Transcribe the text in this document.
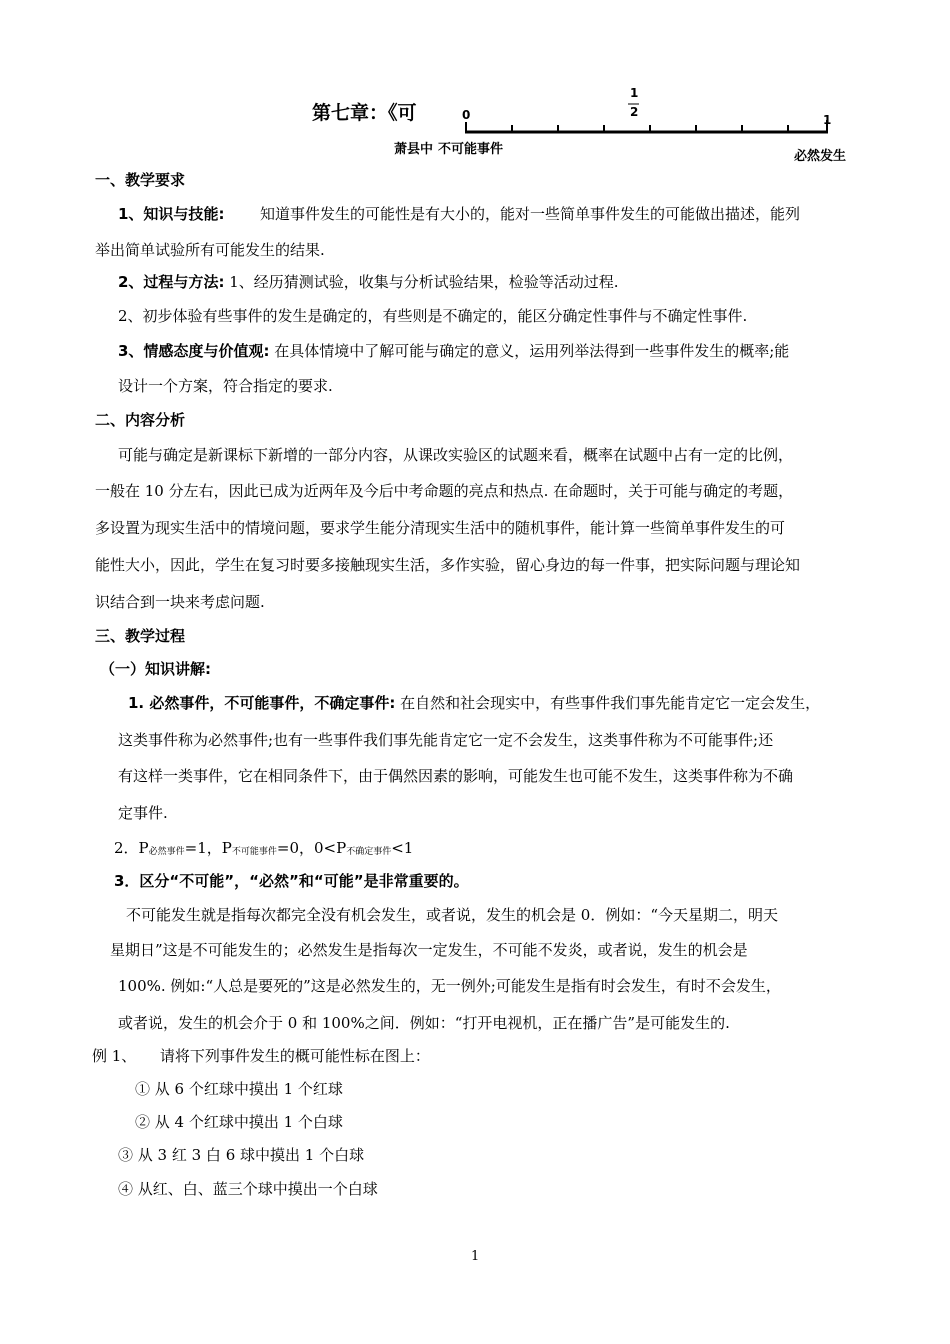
第七章：《可	0
1
2
1
萧县中 不可能事件	必然发生
一、教学要求
1、知识与技能: 知道事件发生的可能性是有大小的，能对一些简单事件发生的可能做出描述，能列
举出简单试验所有可能发生的结果.
2、过程与方法: 1、经历猜测试验，收集与分析试验结果，检验等活动过程.
2、初步体验有些事件的发生是确定的，有些则是不确定的，能区分确定性事件与不确定性事件.
3、情感态度与价值观: 在具体情境中了解可能与确定的意义，运用列举法得到一些事件发生的概率;能
设计一个方案，符合指定的要求.
二、内容分析
可能与确定是新课标下新增的一部分内容，从课改实验区的试题来看，概率在试题中占有一定的比例，
一般在 10 分左右，因此已成为近两年及今后中考命题的亮点和热点. 在命题时，关于可能与确定的考题，
多设置为现实生活中的情境问题，要求学生能分清现实生活中的随机事件，能计算一些简单事件发生的可
能性大小，因此，学生在复习时要多接触现实生活，多作实验，留心身边的每一件事，把实际问题与理论知
识结合到一块来考虑问题.
三、教学过程
（一）知识讲解:
1. 必然事件，不可能事件，不确定事件: 在自然和社会现实中，有些事件我们事先能肯定它一定会发生，
这类事件称为必然事件;也有一些事件我们事先能肯定它一定不会发生，这类事件称为不可能事件;还
有这样一类事件，它在相同条件下，由于偶然因素的影响，可能发生也可能不发生，这类事件称为不确
定事件.
2．P必然事件=1，P不可能事件=0，0<P不确定事件<1
3．区分“不可能”，“必然”和“可能”是非常重要的。
不可能发生就是指每次都完全没有机会发生，或者说，发生的机会是 0．例如：“今天星期二，明天
星期日”这是不可能发生的；必然发生是指每次一定发生，不可能不发炎，或者说，发生的机会是
100%. 例如:“人总是要死的”这是必然发生的，无一例外;可能发生是指有时会发生，有时不会发生，
或者说，发生的机会介于 0 和 100%之间．例如：“打开电视机，正在播广告”是可能发生的.
例 1、 请将下列事件发生的概可能性标在图上：
① 从 6 个红球中摸出 1 个红球
② 从 4 个红球中摸出 1 个白球
③ 从 3 红 3 白 6 球中摸出 1 个白球
④ 从红、白、蓝三个球中摸出一个白球
1
